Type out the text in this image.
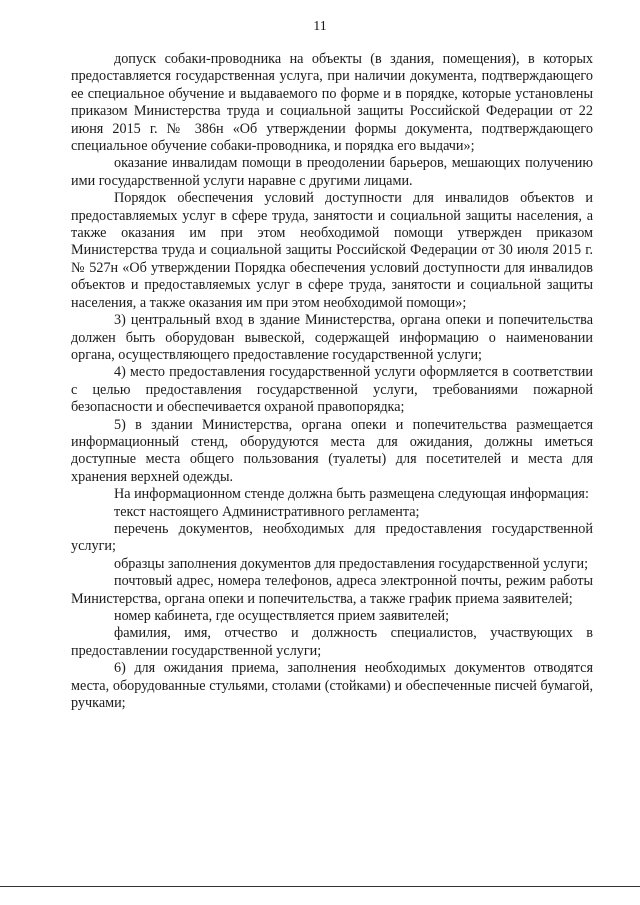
11

допуск собаки-проводника на объекты (в здания, помещения), в которых предоставляется государственная услуга, при наличии документа, подтверждающего ее специальное обучение и выдаваемого по форме и в порядке, которые установлены приказом Министерства труда и социальной защиты Российской Федерации от 22 июня 2015 г. № 386н «Об утверждении формы документа, подтверждающего специальное обучение собаки-проводника, и порядка его выдачи»;

оказание инвалидам помощи в преодолении барьеров, мешающих получению ими государственной услуги наравне с другими лицами.

Порядок обеспечения условий доступности для инвалидов объектов и предоставляемых услуг в сфере труда, занятости и социальной защиты населения, а также оказания им при этом необходимой помощи утвержден приказом Министерства труда и социальной защиты Российской Федерации от 30 июля 2015 г. № 527н «Об утверждении Порядка обеспечения условий доступности для инвалидов объектов и предоставляемых услуг в сфере труда, занятости и социальной защиты населения, а также оказания им при этом необходимой помощи»;

3) центральный вход в здание Министерства, органа опеки и попечительства должен быть оборудован вывеской, содержащей информацию о наименовании органа, осуществляющего предоставление государственной услуги;

4) место предоставления государственной услуги оформляется в соответствии с целью предоставления государственной услуги, требованиями пожарной безопасности и обеспечивается охраной правопорядка;

5) в здании Министерства, органа опеки и попечительства размещается информационный стенд, оборудуются места для ожидания, должны иметься доступные места общего пользования (туалеты) для посетителей и места для хранения верхней одежды.

На информационном стенде должна быть размещена следующая информация:

текст настоящего Административного регламента;

перечень документов, необходимых для предоставления государственной услуги;

образцы заполнения документов для предоставления государственной услуги;

почтовый адрес, номера телефонов, адреса электронной почты, режим работы Министерства, органа опеки и попечительства, а также график приема заявителей;

номер кабинета, где осуществляется прием заявителей;

фамилия, имя, отчество и должность специалистов, участвующих в предоставлении государственной услуги;

6) для ожидания приема, заполнения необходимых документов отводятся места, оборудованные стульями, столами (стойками) и обеспеченные писчей бумагой, ручками;
